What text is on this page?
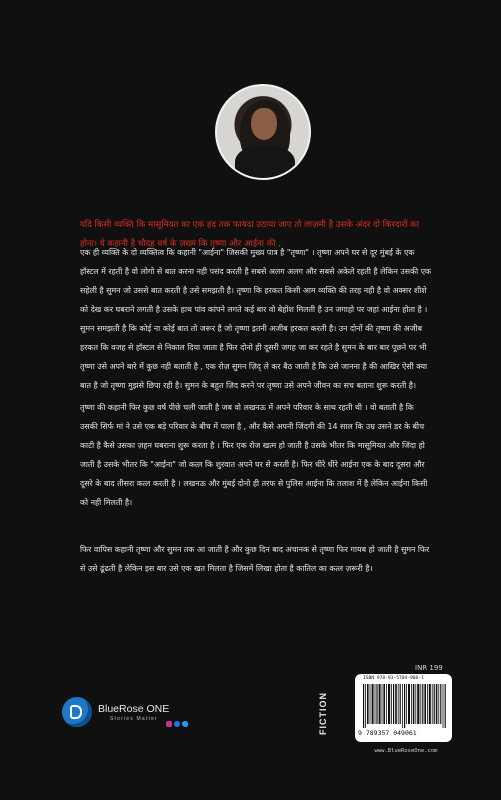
यदि किसी व्यक्ति कि मासूमियत का एक हद तक फायदा उठाया जाए तो लाज़मी है उसके अंदर दो किरदारों का होना। ये कहानी है चौदह वर्ष के ज़ख्म कि तृष्णा और आईना की ,
एक ही व्यक्ति के दो व्यक्तित्व कि कहानी "आईना" जिसकी मुख्य पात्र है "तृष्णा" । तृष्णा अपने घर से दूर मुंबई के एक हॉस्टल में रहती है वो लोगो से बात करना नही पसंद करती है सबसे अलग अलग और सबसे अकेले रहती है लेकिन उसकी एक सहेली है सुमन जो उससे बात करती है उसे समझती है। तृष्णा कि हरकत किसी आम व्यक्ति की तरह नही है वो अक्सर शीशे को देख कर घबराने लगती है उसके हाथ पांव कांपने लगते कई बार वो बेहोश मिलती है उन जगाहो पर जहां आईना होता है । सुमन समझती है कि कोई ना कोई बात तो जरूर है जो तृष्णा इतनी अजीब हरकत करती है। उन दोनों की तृष्णा की अजीब हरकत कि वजह से हॉस्टल से निकाल दिया जाता है फिर दोनो ही दूसरी जगह जा कर रहते है सुमन के बार बार पूछने पर भी तृष्णा उसे अपने बारे में कुछ नही बताती है , एक रोज़ सुमन ज़िद् ले कर बैठ जाती है कि उसे जानना है की आखिर ऐसी क्या बात है जो तृष्णा मुझसे छिपा रही है। सुमन के बहुत ज़िद करने पर तृष्णा उसे अपने जीवन का सच बताना शुरू करती है।
तृष्णा की कहानी फिर कुछ वर्ष पीछे चली जाती है जब वो लखनऊ में अपने परिवार के साथ रहती थी । वो बताती है कि उसकी सिर्फ मां ने उसे एक बड़े परिवार के बीच में पाला है , और कैसे अपनी जिंदगी की 14 साल कि उम्र उसने डर के बीच काटी है कैसे उसका ज़हन घबराना शुरू करता है । फिर एक रोज खत्म हो जाती है उसके भीतर कि मासूमियत और जिंदा हो जाती है उसके भीतर कि "आईना" जो कत्ल कि शुरवात अपने घर से करती है। फिर धीरे धीरे आईना एक के बाद दूसरा और दूसरे के बाद तीसरा कत्ल करती है । लखनऊ और मुंबई दोनो ही तरफ से पुलिस आईना कि तलाश में है लेकिन आईना किसी को नही मिलती है।
फिर वापिस कहानी तृष्णा और सुमन तक आ जाती है और कुछ दिन बाद अचानक से तृष्णा फिर गायब हो जाती है सुमन फिर से उसे ढूंढती है लेकिन इस बार उसे एक खत मिलता है जिसमें लिखा होता है कातिल का कत्ल ज़रूरी है।
INR 199
FICTION
ISBN 978-93-5704-906-1
9 789357 049061
www.BlueRoseOne.com
BlueRose ONE
Stories Matter
